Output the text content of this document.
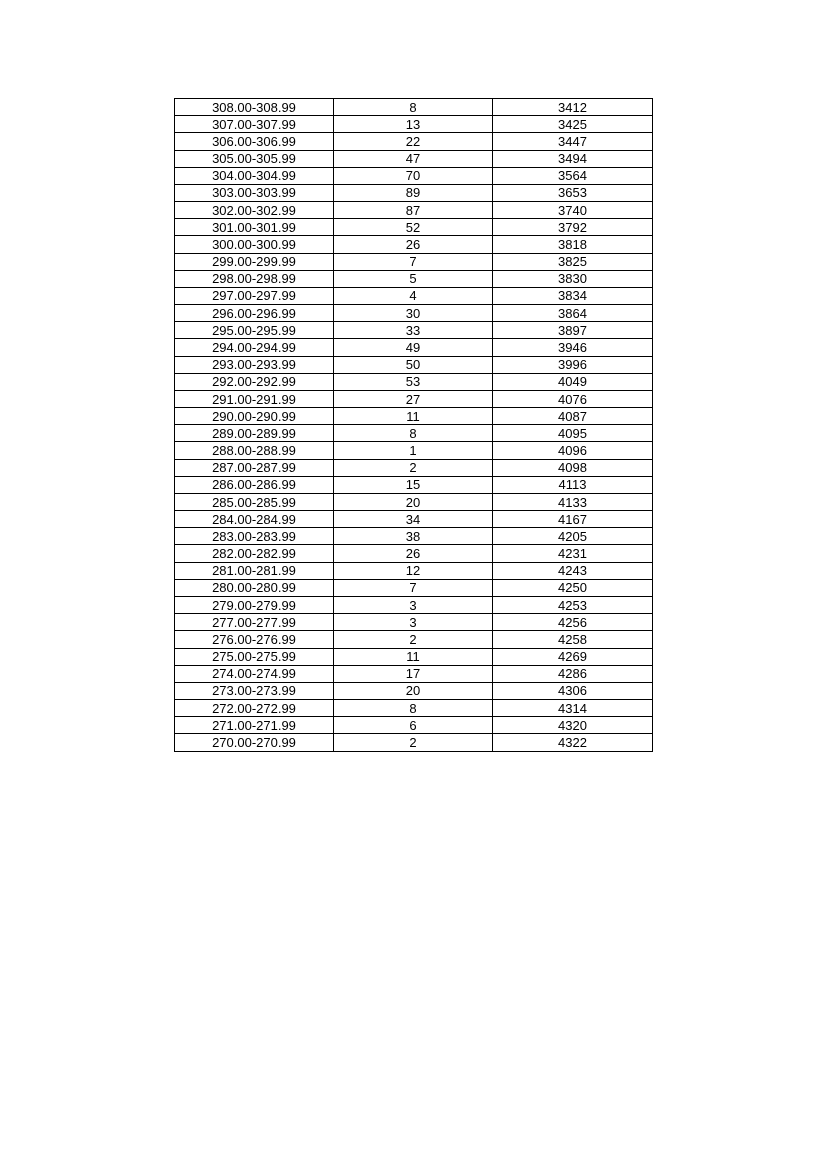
308.00-308.99	8	3412
307.00-307.99	13	3425
306.00-306.99	22	3447
305.00-305.99	47	3494
304.00-304.99	70	3564
303.00-303.99	89	3653
302.00-302.99	87	3740
301.00-301.99	52	3792
300.00-300.99	26	3818
299.00-299.99	7	3825
298.00-298.99	5	3830
297.00-297.99	4	3834
296.00-296.99	30	3864
295.00-295.99	33	3897
294.00-294.99	49	3946
293.00-293.99	50	3996
292.00-292.99	53	4049
291.00-291.99	27	4076
290.00-290.99	11	4087
289.00-289.99	8	4095
288.00-288.99	1	4096
287.00-287.99	2	4098
286.00-286.99	15	4113
285.00-285.99	20	4133
284.00-284.99	34	4167
283.00-283.99	38	4205
282.00-282.99	26	4231
281.00-281.99	12	4243
280.00-280.99	7	4250
279.00-279.99	3	4253
277.00-277.99	3	4256
276.00-276.99	2	4258
275.00-275.99	11	4269
274.00-274.99	17	4286
273.00-273.99	20	4306
272.00-272.99	8	4314
271.00-271.99	6	4320
270.00-270.99	2	4322
